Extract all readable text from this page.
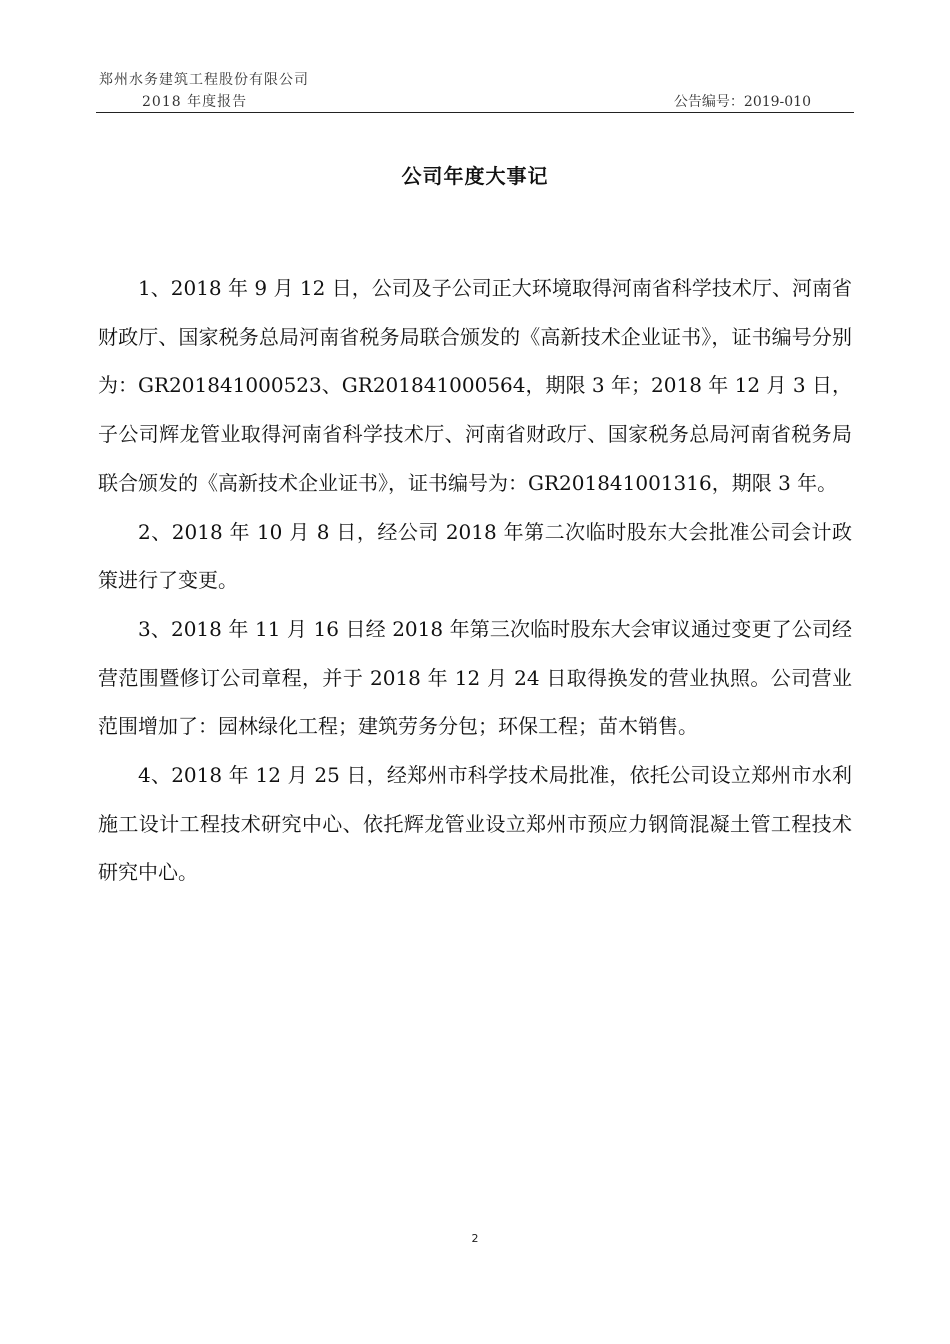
郑州水务建筑工程股份有限公司
2018 年度报告	公告编号：2019-010
公司年度大事记

1、2018 年 9 月 12 日，公司及子公司正大环境取得河南省科学技术厅、河南省财政厅、国家税务总局河南省税务局联合颁发的《高新技术企业证书》，证书编号分别为：GR201841000523、GR201841000564，期限 3 年；2018 年 12 月 3 日，子公司辉龙管业取得河南省科学技术厅、河南省财政厅、国家税务总局河南省税务局联合颁发的《高新技术企业证书》，证书编号为：GR201841001316，期限 3 年。

2、2018 年 10 月 8 日，经公司 2018 年第二次临时股东大会批准公司会计政策进行了变更。

3、2018 年 11 月 16 日经 2018 年第三次临时股东大会审议通过变更了公司经营范围暨修订公司章程，并于 2018 年 12 月 24 日取得换发的营业执照。公司营业范围增加了：园林绿化工程；建筑劳务分包；环保工程；苗木销售。

4、2018 年 12 月 25 日，经郑州市科学技术局批准，依托公司设立郑州市水利施工设计工程技术研究中心、依托辉龙管业设立郑州市预应力钢筒混凝土管工程技术研究中心。

2
